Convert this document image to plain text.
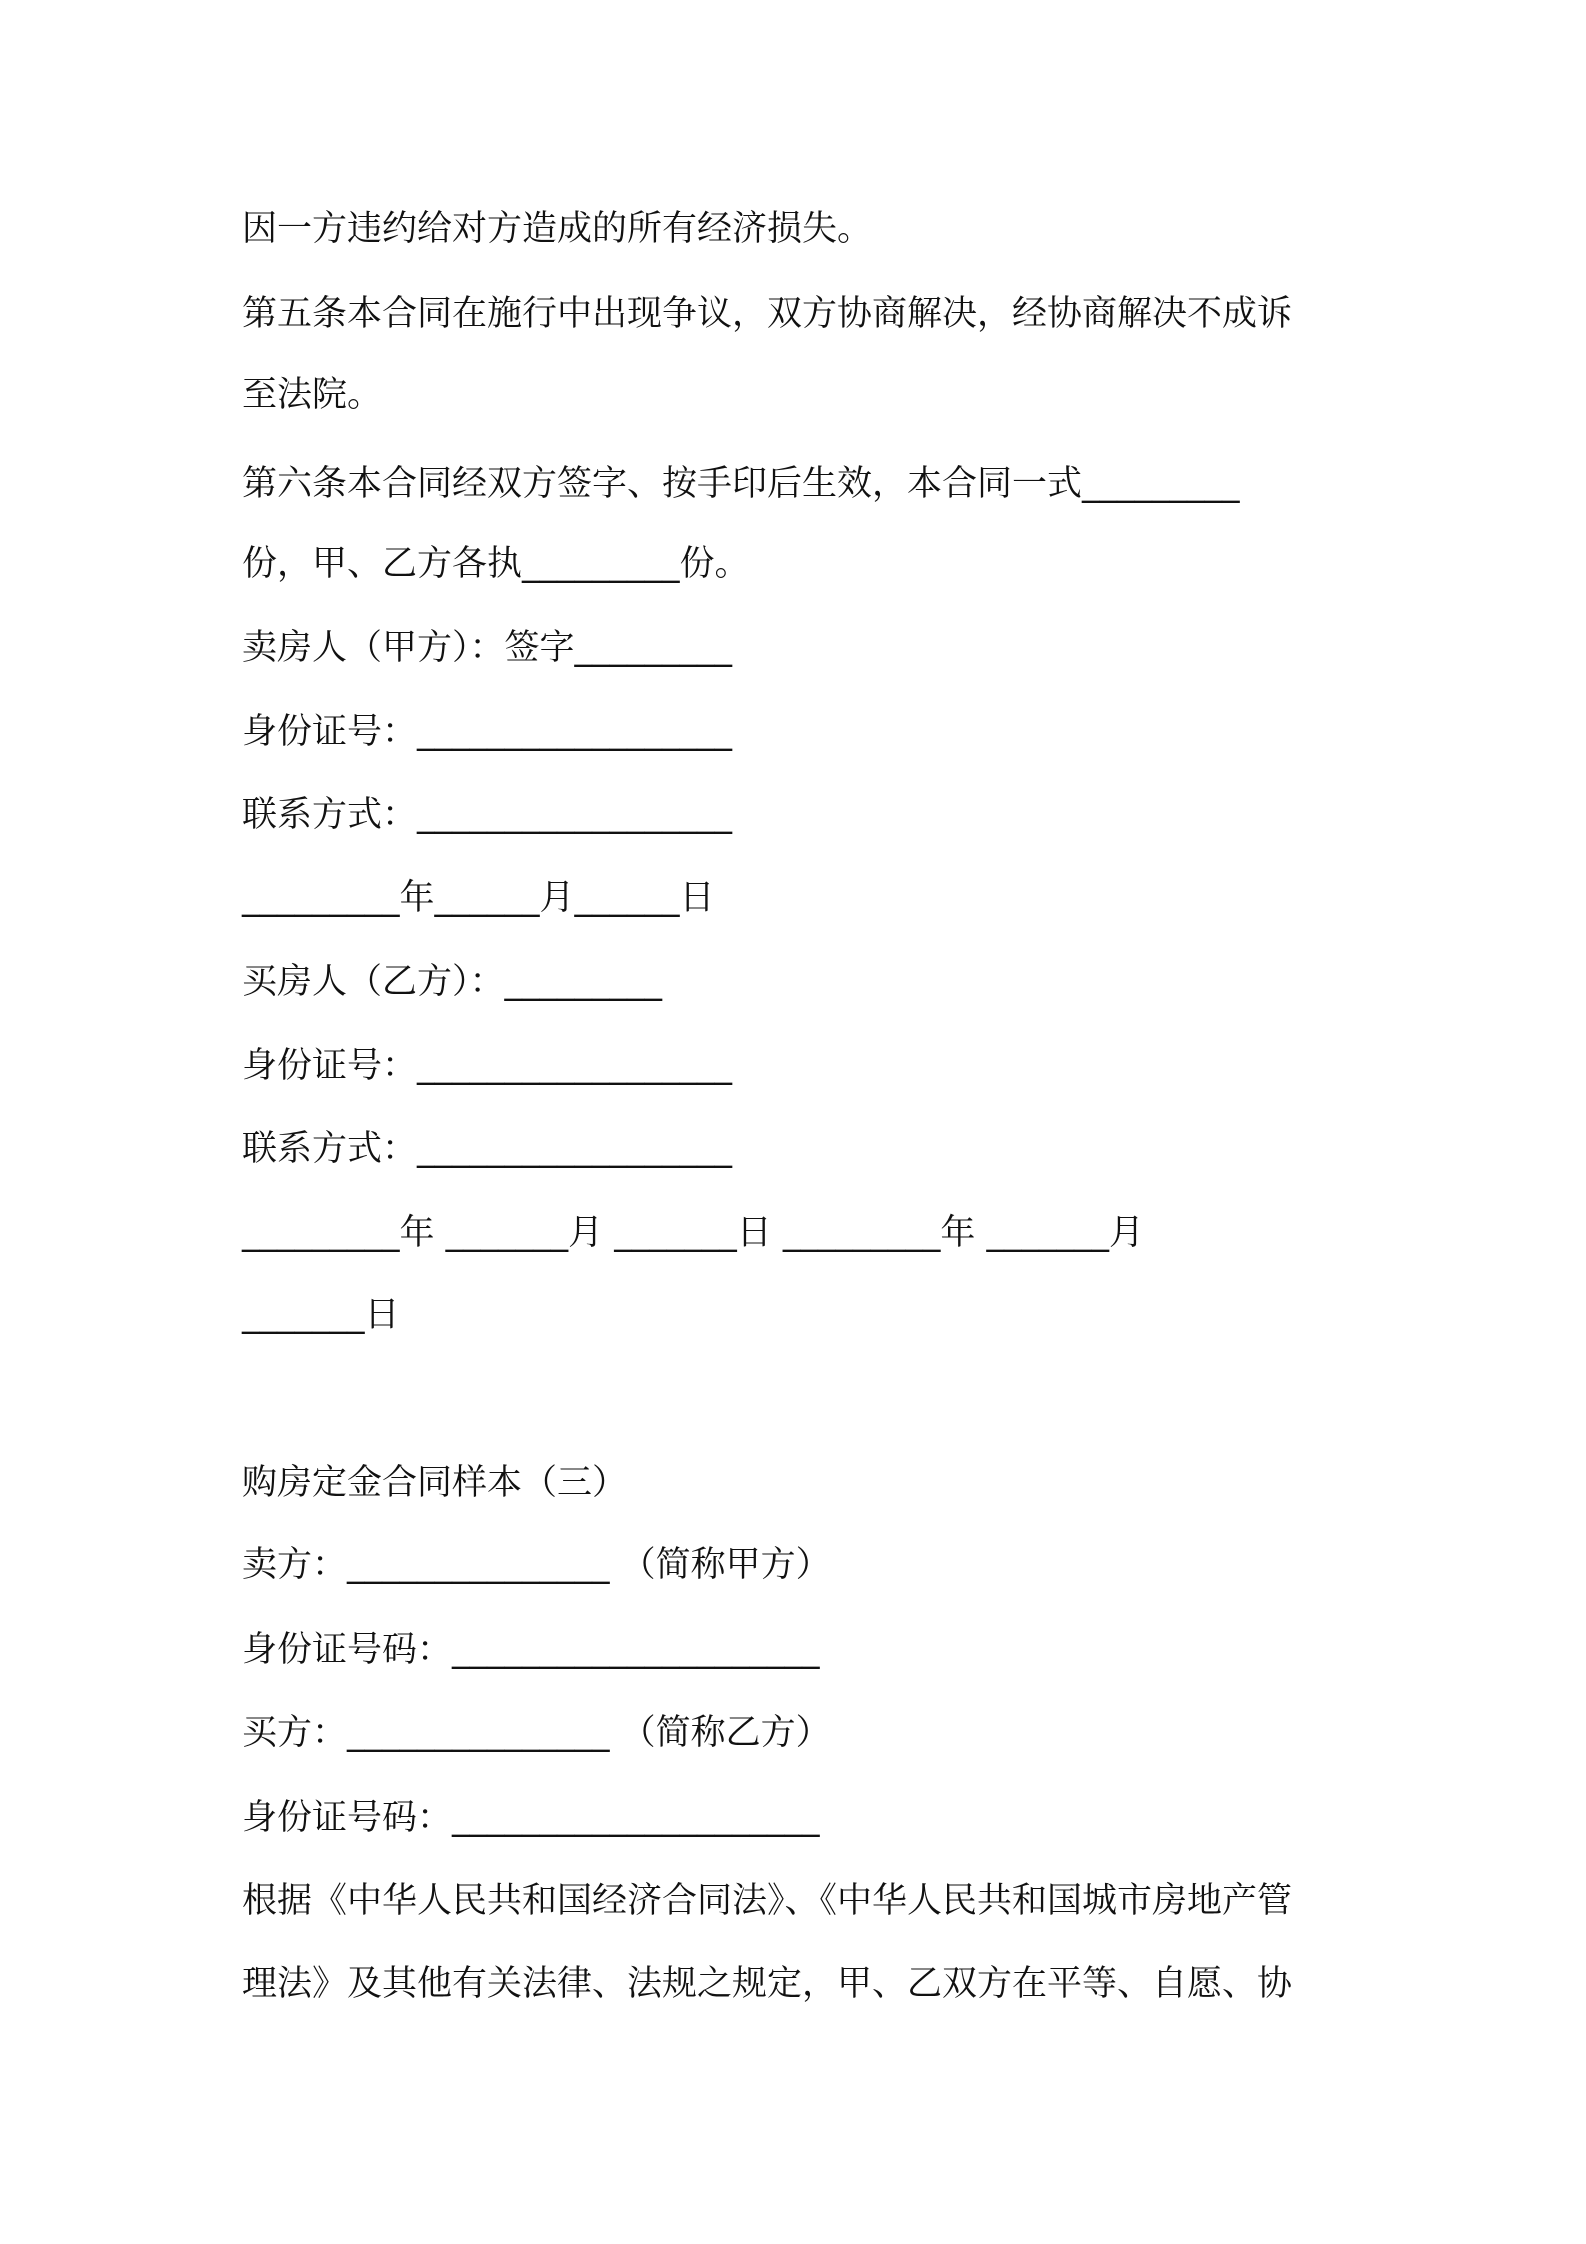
因一方违约给对方造成的所有经济损失。
第五条本合同在施行中出现争议，双方协商解决，经协商解决不成诉
至法院。
第六条本合同经双方签字、按手印后生效，本合同一式_________
份，甲、乙方各执_________份。
卖房人（甲方）：签字_________
身份证号：__________________
联系方式：__________________
_________年______月______日
买房人（乙方）：_________
身份证号：__________________
联系方式：__________________
_________年 _______月 _______日 _________年 _______月
_______日
购房定金合同样本（三）
卖方：_______________ （简称甲方）
身份证号码：_____________________
买方：_______________ （简称乙方）
身份证号码：_____________________
根据《中华人民共和国经济合同法》、《中华人民共和国城市房地产管
理法》及其他有关法律、法规之规定，甲、乙双方在平等、自愿、协
